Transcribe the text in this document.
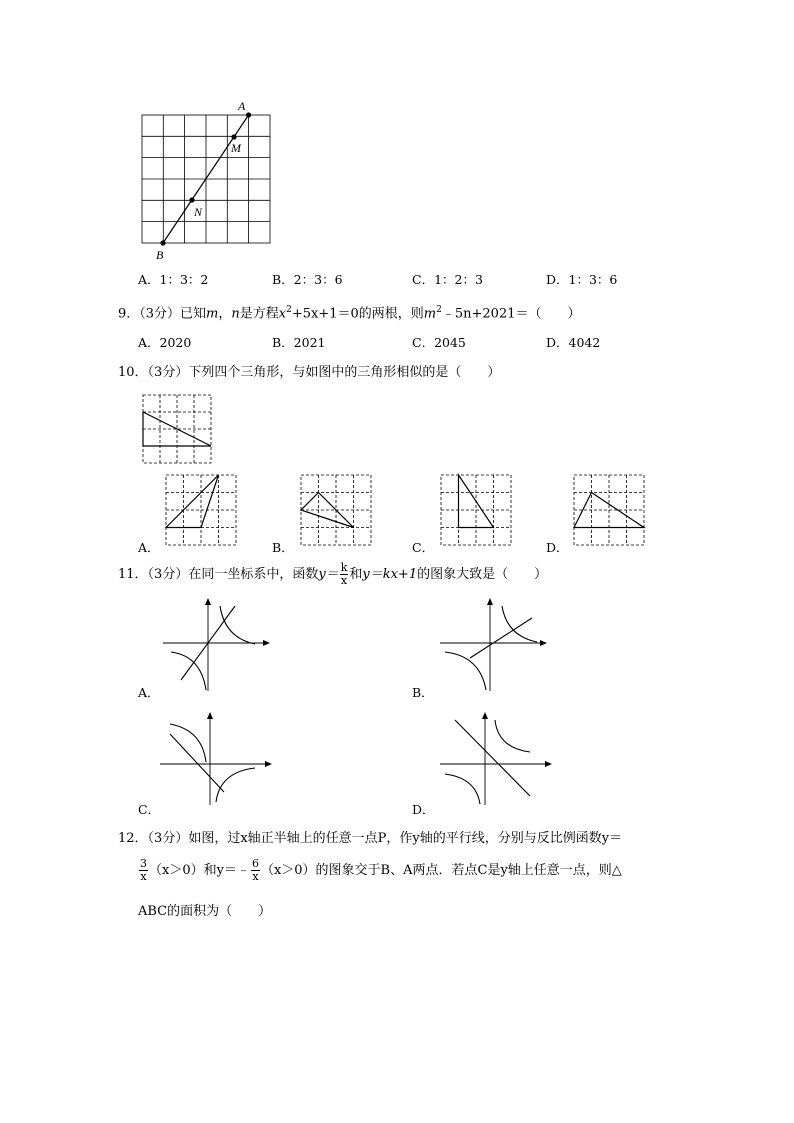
A
M
N
B
A．1：3：2	B．2：3：6	C．1：2：3	D．1：3：6
9．（3分）已知m，n是方程$x^2+5x+1=0$的两根，则$m^2﹣5n+2021=$（　　）
A．2020	B．2021	C．2045	D．4042
10．（3分）下列四个三角形，与如图中的三角形相似的是（　　）
A．	B．	C．	D．
11．（3分）在同一坐标系中，函数$y= \frac{k}{x}$ 和y＝kx+1的图象大致是（　　）
A．	B．
C．	D．
12．（3分）如图，过x轴正半轴上的任意一点P，作y轴的平行线，分别与反比例函数y＝
$\frac{3}{x} (x>0)$和y＝﹣ $\frac{6}{x} (x>0)$的图象交于B、A两点．若点C是y轴上任意一点，则△
ABC的面积为（　　）
